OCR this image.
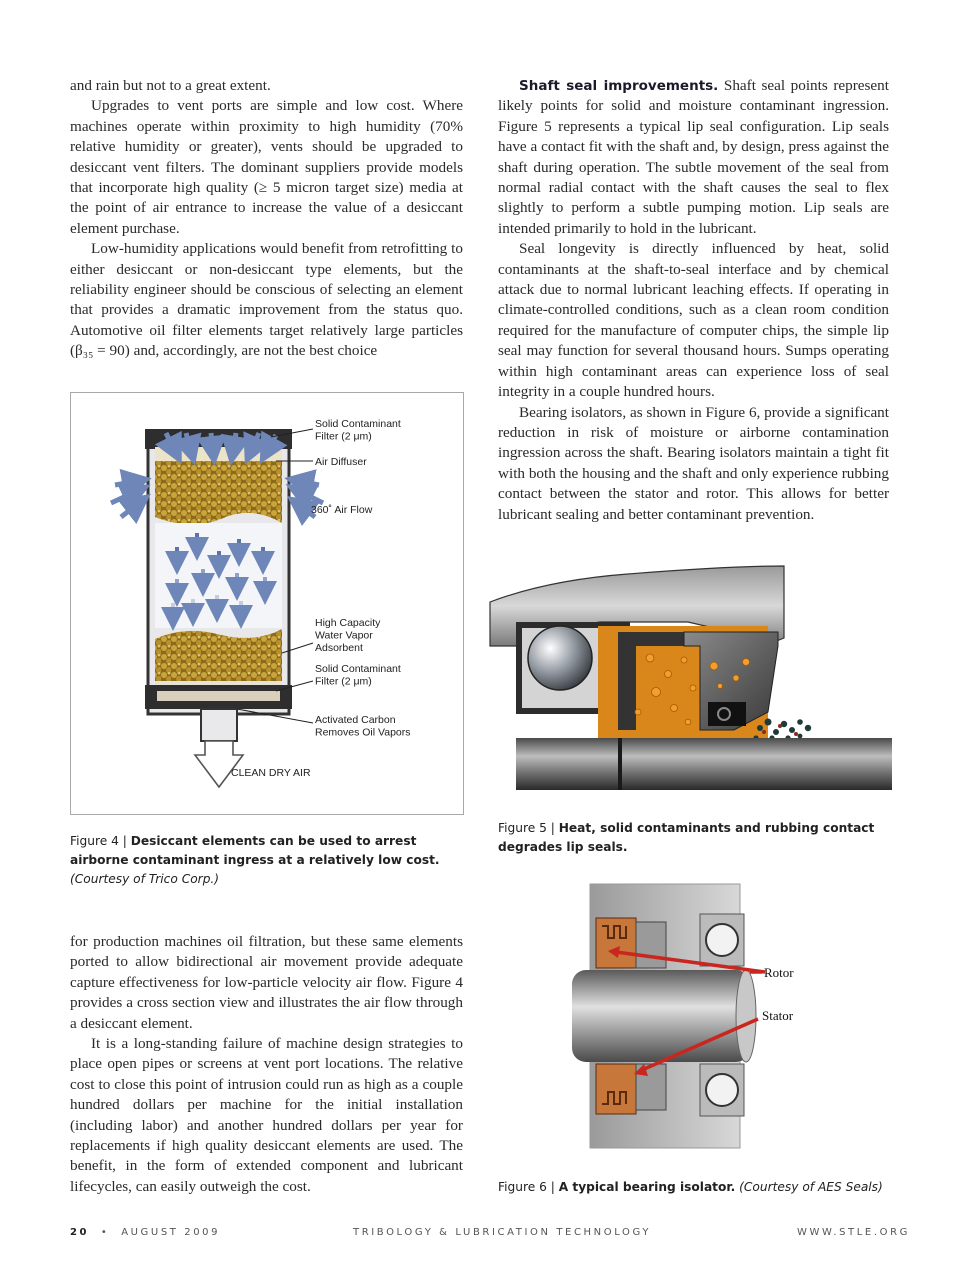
and rain but not to a great extent.

Upgrades to vent ports are simple and low cost. Where machines operate within proximity to high humidity (70% relative humidity or greater), vents should be upgraded to desiccant vent filters. The dominant suppliers provide models that incorporate high quality (≥ 5 micron target size) media at the point of air entrance to increase the value of a desiccant element purchase.

Low-humidity applications would benefit from retrofitting to either desiccant or non-desiccant type elements, but the reliability engineer should be conscious of selecting an element that provides a dramatic improvement from the status quo. Automotive oil filter elements target relatively large particles (β₃₅ = 90) and, accordingly, are not the best choice

Solid Contaminant Filter (2 μm)
Air Diffuser
360˚ Air Flow
High Capacity Water Vapor Adsorbent
Solid Contaminant Filter (2 μm)
Activated Carbon Removes Oil Vapors
CLEAN DRY AIR
Figure 4 | Desiccant elements can be used to arrest airborne contaminant ingress at a relatively low cost. (Courtesy of Trico Corp.)

for production machines oil filtration, but these same elements ported to allow bidirectional air movement provide adequate capture effectiveness for low-particle velocity air flow. Figure 4 provides a cross section view and illustrates the air flow through a desiccant element.

It is a long-standing failure of machine design strategies to place open pipes or screens at vent port locations. The relative cost to close this point of intrusion could run as high as a couple hundred dollars per machine for the initial installation (including labor) and another hundred dollars per year for replacements if high quality desiccant elements are used. The benefit, in the form of extended component and lubricant lifecycles, can easily outweigh the cost.

Shaft seal improvements. Shaft seal points represent likely points for solid and moisture contaminant ingression. Figure 5 represents a typical lip seal configuration. Lip seals have a contact fit with the shaft and, by design, press against the shaft during operation. The subtle movement of the seal from normal radial contact with the shaft causes the seal to flex slightly to perform a subtle pumping motion. Lip seals are intended primarily to hold in the lubricant.

Seal longevity is directly influenced by heat, solid contaminants at the shaft-to-seal interface and by chemical attack due to normal lubricant leaching effects. If operating in climate-controlled conditions, such as a clean room condition required for the manufacture of computer chips, the simple lip seal may function for several thousand hours. Sumps operating within high contaminant areas can experience loss of seal integrity in a couple hundred hours.

Bearing isolators, as shown in Figure 6, provide a significant reduction in risk of moisture or airborne contamination ingression across the shaft. Bearing isolators maintain a tight fit with both the housing and the shaft and only experience rubbing contact between the stator and rotor. This allows for better lubricant sealing and better contaminant prevention.

Figure 5 | Heat, solid contaminants and rubbing contact degrades lip seals.
Rotor
Stator
Figure 6 | A typical bearing isolator. (Courtesy of AES Seals)
20 • AUGUST 2009	TRIBOLOGY & LUBRICATION TECHNOLOGY	WWW.STLE.ORG
